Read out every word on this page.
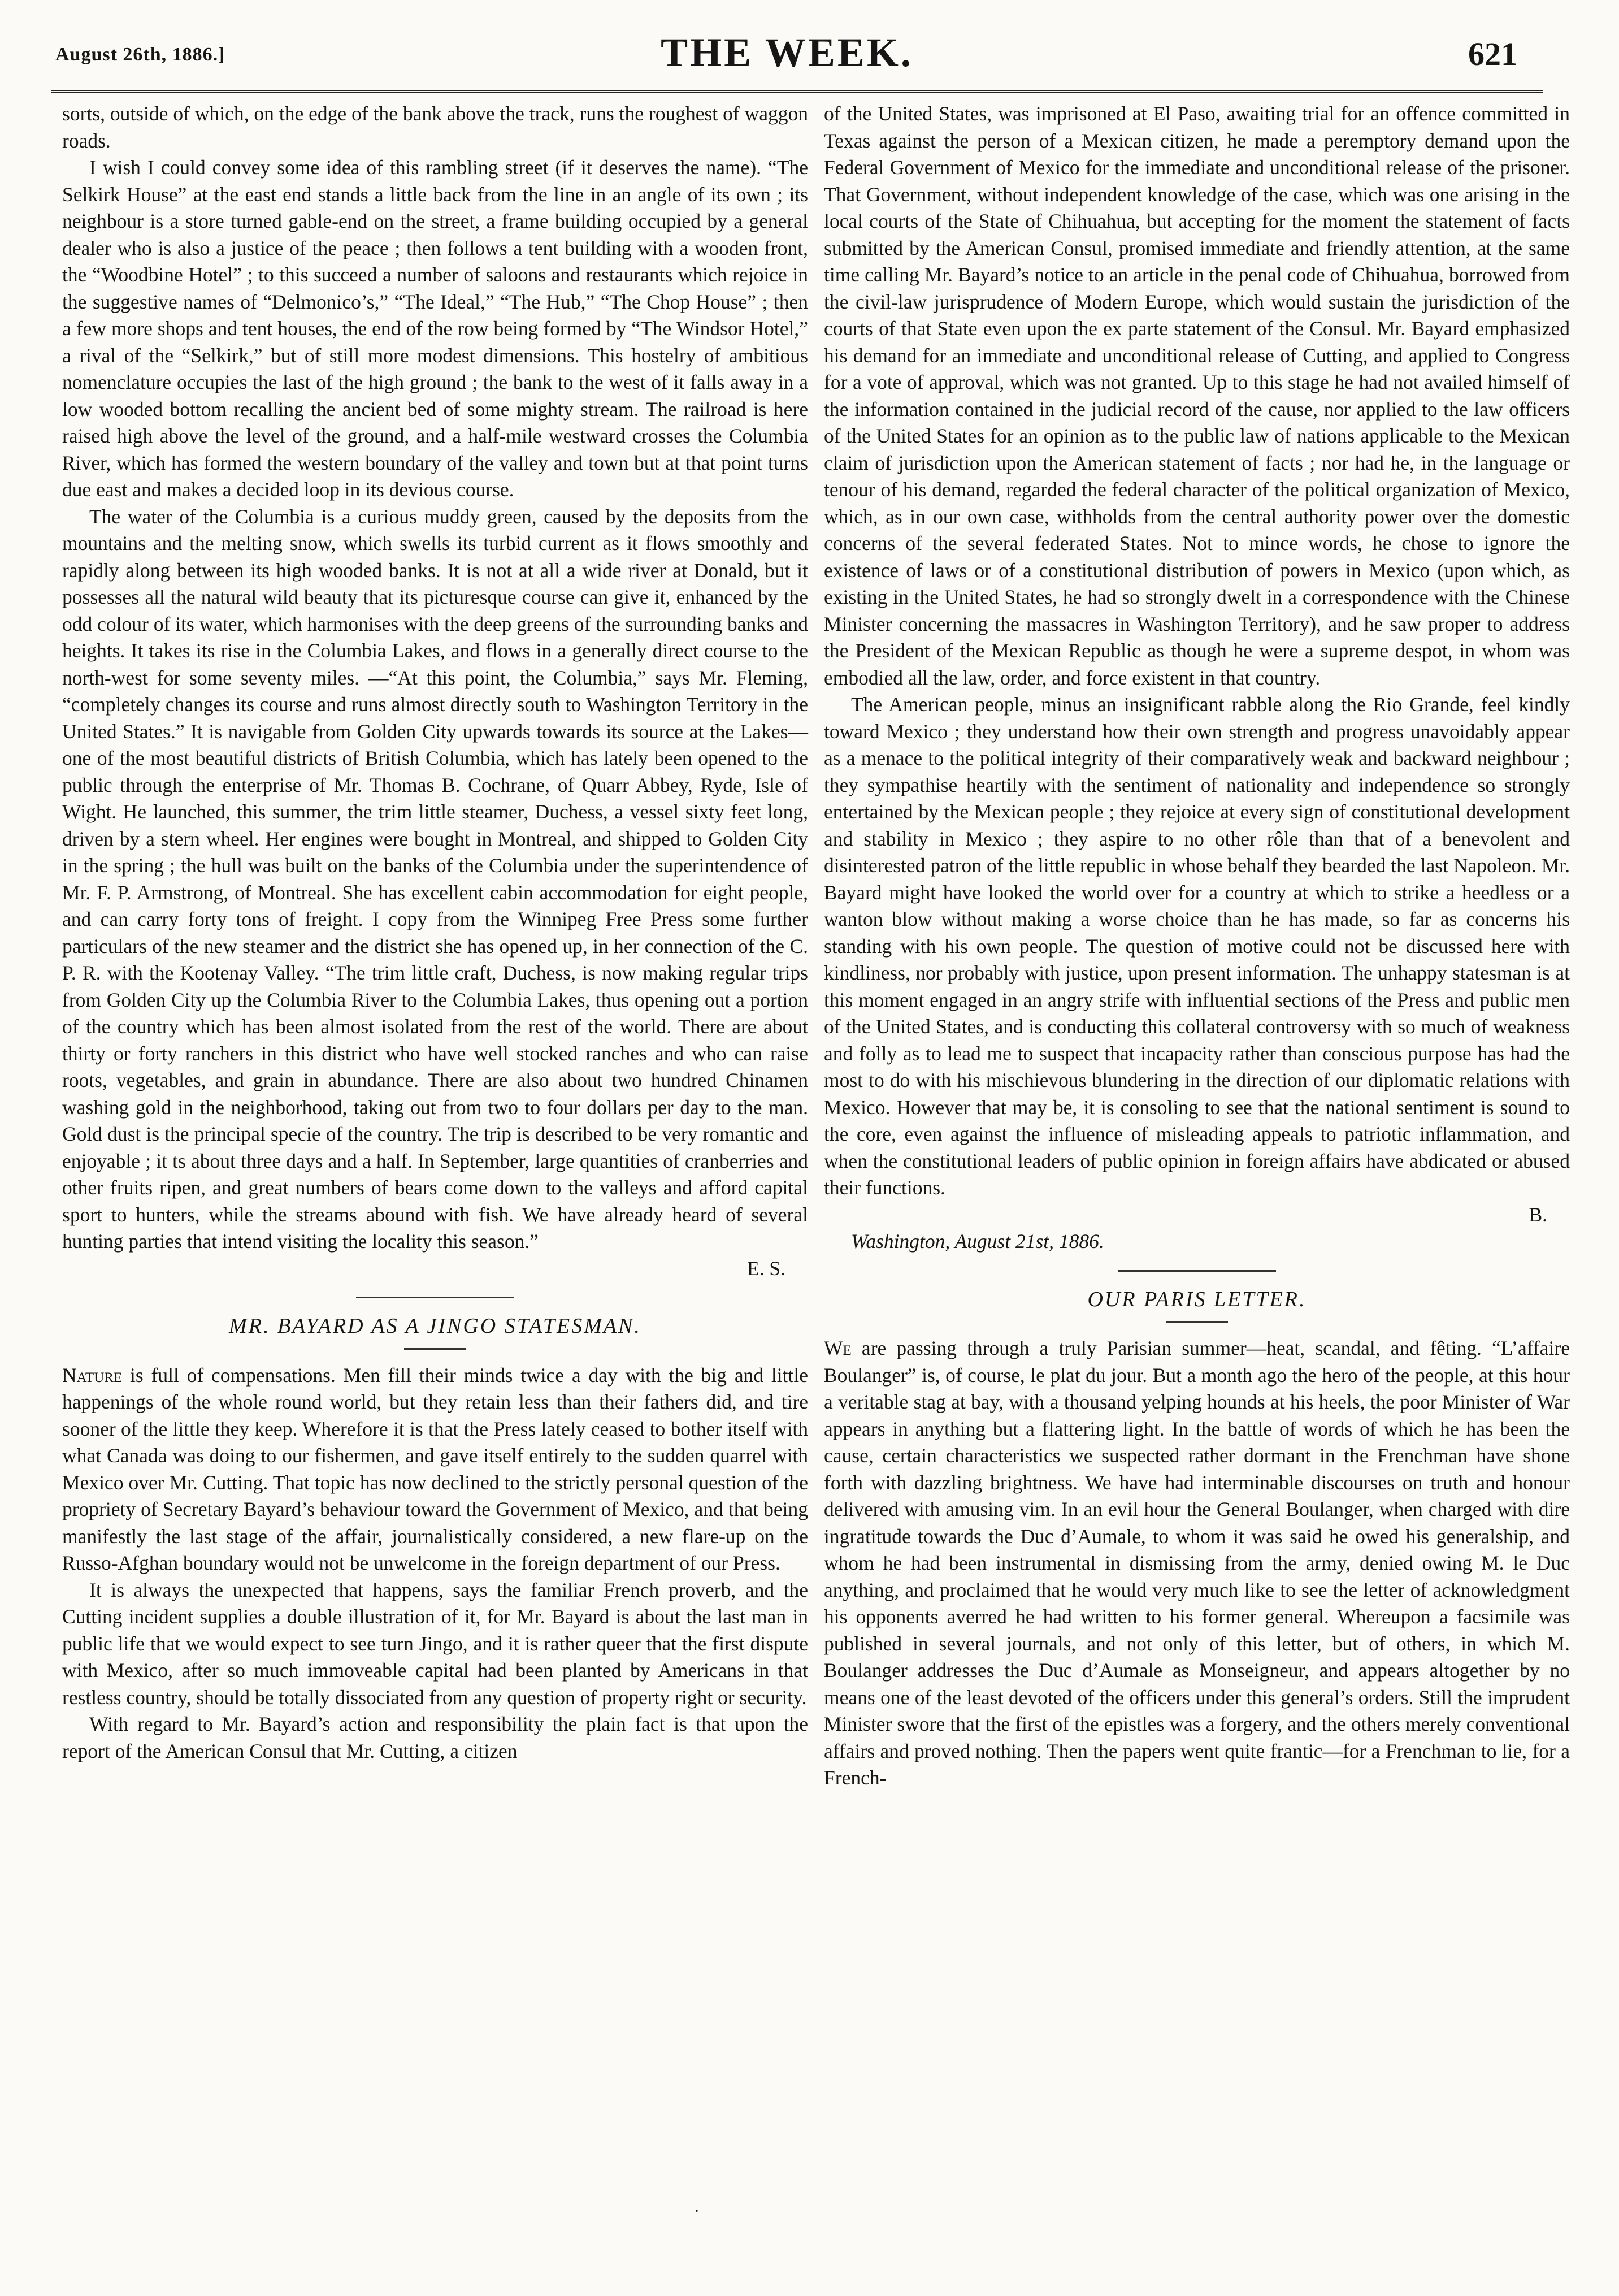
August 26th, 1886.]	THE WEEK.	621

sorts, outside of which, on the edge of the bank above the track, runs the roughest of waggon roads.

I wish I could convey some idea of this rambling street (if it deserves the name). “The Selkirk House” at the east end stands a little back from the line in an angle of its own ; its neighbour is a store turned gable-end on the street, a frame building occupied by a general dealer who is also a justice of the peace ; then follows a tent building with a wooden front, the “Woodbine Hotel” ; to this succeed a number of saloons and restaurants which rejoice in the suggestive names of “Delmonico’s,” “The Ideal,” “The Hub,” “The Chop House” ; then a few more shops and tent houses, the end of the row being formed by “The Windsor Hotel,” a rival of the “Selkirk,” but of still more modest dimensions. This hostelry of ambitious nomenclature occupies the last of the high ground ; the bank to the west of it falls away in a low wooded bottom recalling the ancient bed of some mighty stream. The railroad is here raised high above the level of the ground, and a half-mile westward crosses the Columbia River, which has formed the western boundary of the valley and town but at that point turns due east and makes a decided loop in its devious course.

The water of the Columbia is a curious muddy green, caused by the deposits from the mountains and the melting snow, which swells its turbid current as it flows smoothly and rapidly along between its high wooded banks. It is not at all a wide river at Donald, but it possesses all the natural wild beauty that its picturesque course can give it, enhanced by the odd colour of its water, which harmonises with the deep greens of the surrounding banks and heights. It takes its rise in the Columbia Lakes, and flows in a generally direct course to the north-west for some seventy miles. —“At this point, the Columbia,” says Mr. Fleming, “completely changes its course and runs almost directly south to Washington Territory in the United States.” It is navigable from Golden City upwards towards its source at the Lakes—one of the most beautiful districts of British Columbia, which has lately been opened to the public through the enterprise of Mr. Thomas B. Cochrane, of Quarr Abbey, Ryde, Isle of Wight. He launched, this summer, the trim little steamer, Duchess, a vessel sixty feet long, driven by a stern wheel. Her engines were bought in Montreal, and shipped to Golden City in the spring ; the hull was built on the banks of the Columbia under the superintendence of Mr. F. P. Armstrong, of Montreal. She has excellent cabin accommodation for eight people, and can carry forty tons of freight. I copy from the Winnipeg Free Press some further particulars of the new steamer and the district she has opened up, in her connection of the C. P. R. with the Kootenay Valley. “The trim little craft, Duchess, is now making regular trips from Golden City up the Columbia River to the Columbia Lakes, thus opening out a portion of the country which has been almost isolated from the rest of the world. There are about thirty or forty ranchers in this district who have well stocked ranches and who can raise roots, vegetables, and grain in abundance. There are also about two hundred Chinamen washing gold in the neighborhood, taking out from two to four dollars per day to the man. Gold dust is the principal specie of the country. The trip is described to be very romantic and enjoyable ; it ts about three days and a half. In September, large quantities of cranberries and other fruits ripen, and great numbers of bears come down to the valleys and afford capital sport to hunters, while the streams abound with fish. We have already heard of several hunting parties that intend visiting the locality this season.”

E. S.
MR. BAYARD AS A JINGO STATESMAN.

Nature is full of compensations. Men fill their minds twice a day with the big and little happenings of the whole round world, but they retain less than their fathers did, and tire sooner of the little they keep. Wherefore it is that the Press lately ceased to bother itself with what Canada was doing to our fishermen, and gave itself entirely to the sudden quarrel with Mexico over Mr. Cutting. That topic has now declined to the strictly personal question of the propriety of Secretary Bayard’s behaviour toward the Government of Mexico, and that being manifestly the last stage of the affair, journalistically considered, a new flare-up on the Russo-Afghan boundary would not be unwelcome in the foreign department of our Press.

It is always the unexpected that happens, says the familiar French proverb, and the Cutting incident supplies a double illustration of it, for Mr. Bayard is about the last man in public life that we would expect to see turn Jingo, and it is rather queer that the first dispute with Mexico, after so much immoveable capital had been planted by Americans in that restless country, should be totally dissociated from any question of property right or security.

With regard to Mr. Bayard’s action and responsibility the plain fact is that upon the report of the American Consul that Mr. Cutting, a citizen

of the United States, was imprisoned at El Paso, awaiting trial for an offence committed in Texas against the person of a Mexican citizen, he made a peremptory demand upon the Federal Government of Mexico for the immediate and unconditional release of the prisoner. That Government, without independent knowledge of the case, which was one arising in the local courts of the State of Chihuahua, but accepting for the moment the statement of facts submitted by the American Consul, promised immediate and friendly attention, at the same time calling Mr. Bayard’s notice to an article in the penal code of Chihuahua, borrowed from the civil-law jurisprudence of Modern Europe, which would sustain the jurisdiction of the courts of that State even upon the ex parte statement of the Consul. Mr. Bayard emphasized his demand for an immediate and unconditional release of Cutting, and applied to Congress for a vote of approval, which was not granted. Up to this stage he had not availed himself of the information contained in the judicial record of the cause, nor applied to the law officers of the United States for an opinion as to the public law of nations applicable to the Mexican claim of jurisdiction upon the American statement of facts ; nor had he, in the language or tenour of his demand, regarded the federal character of the political organization of Mexico, which, as in our own case, withholds from the central authority power over the domestic concerns of the several federated States. Not to mince words, he chose to ignore the existence of laws or of a constitutional distribution of powers in Mexico (upon which, as existing in the United States, he had so strongly dwelt in a correspondence with the Chinese Minister concerning the massacres in Washington Territory), and he saw proper to address the President of the Mexican Republic as though he were a supreme despot, in whom was embodied all the law, order, and force existent in that country.

The American people, minus an insignificant rabble along the Rio Grande, feel kindly toward Mexico ; they understand how their own strength and progress unavoidably appear as a menace to the political integrity of their comparatively weak and backward neighbour ; they sympathise heartily with the sentiment of nationality and independence so strongly entertained by the Mexican people ; they rejoice at every sign of constitutional development and stability in Mexico ; they aspire to no other rôle than that of a benevolent and disinterested patron of the little republic in whose behalf they bearded the last Napoleon. Mr. Bayard might have looked the world over for a country at which to strike a heedless or a wanton blow without making a worse choice than he has made, so far as concerns his standing with his own people. The question of motive could not be discussed here with kindliness, nor probably with justice, upon present information. The unhappy statesman is at this moment engaged in an angry strife with influential sections of the Press and public men of the United States, and is conducting this collateral controversy with so much of weakness and folly as to lead me to suspect that incapacity rather than conscious purpose has had the most to do with his mischievous blundering in the direction of our diplomatic relations with Mexico. However that may be, it is consoling to see that the national sentiment is sound to the core, even against the influence of misleading appeals to patriotic inflammation, and when the constitutional leaders of public opinion in foreign affairs have abdicated or abused their functions.

B.
Washington, August 21st, 1886.
OUR PARIS LETTER.

We are passing through a truly Parisian summer—heat, scandal, and fêting. “L’affaire Boulanger” is, of course, le plat du jour. But a month ago the hero of the people, at this hour a veritable stag at bay, with a thousand yelping hounds at his heels, the poor Minister of War appears in anything but a flattering light. In the battle of words of which he has been the cause, certain characteristics we suspected rather dormant in the Frenchman have shone forth with dazzling brightness. We have had interminable discourses on truth and honour delivered with amusing vim. In an evil hour the General Boulanger, when charged with dire ingratitude towards the Duc d’Aumale, to whom it was said he owed his generalship, and whom he had been instrumental in dismissing from the army, denied owing M. le Duc anything, and proclaimed that he would very much like to see the letter of acknowledgment his opponents averred he had written to his former general. Whereupon a facsimile was published in several journals, and not only of this letter, but of others, in which M. Boulanger addresses the Duc d’Aumale as Monseigneur, and appears altogether by no means one of the least devoted of the officers under this general’s orders. Still the imprudent Minister swore that the first of the epistles was a forgery, and the others merely conventional affairs and proved nothing. Then the papers went quite frantic—for a Frenchman to lie, for a French-

·
